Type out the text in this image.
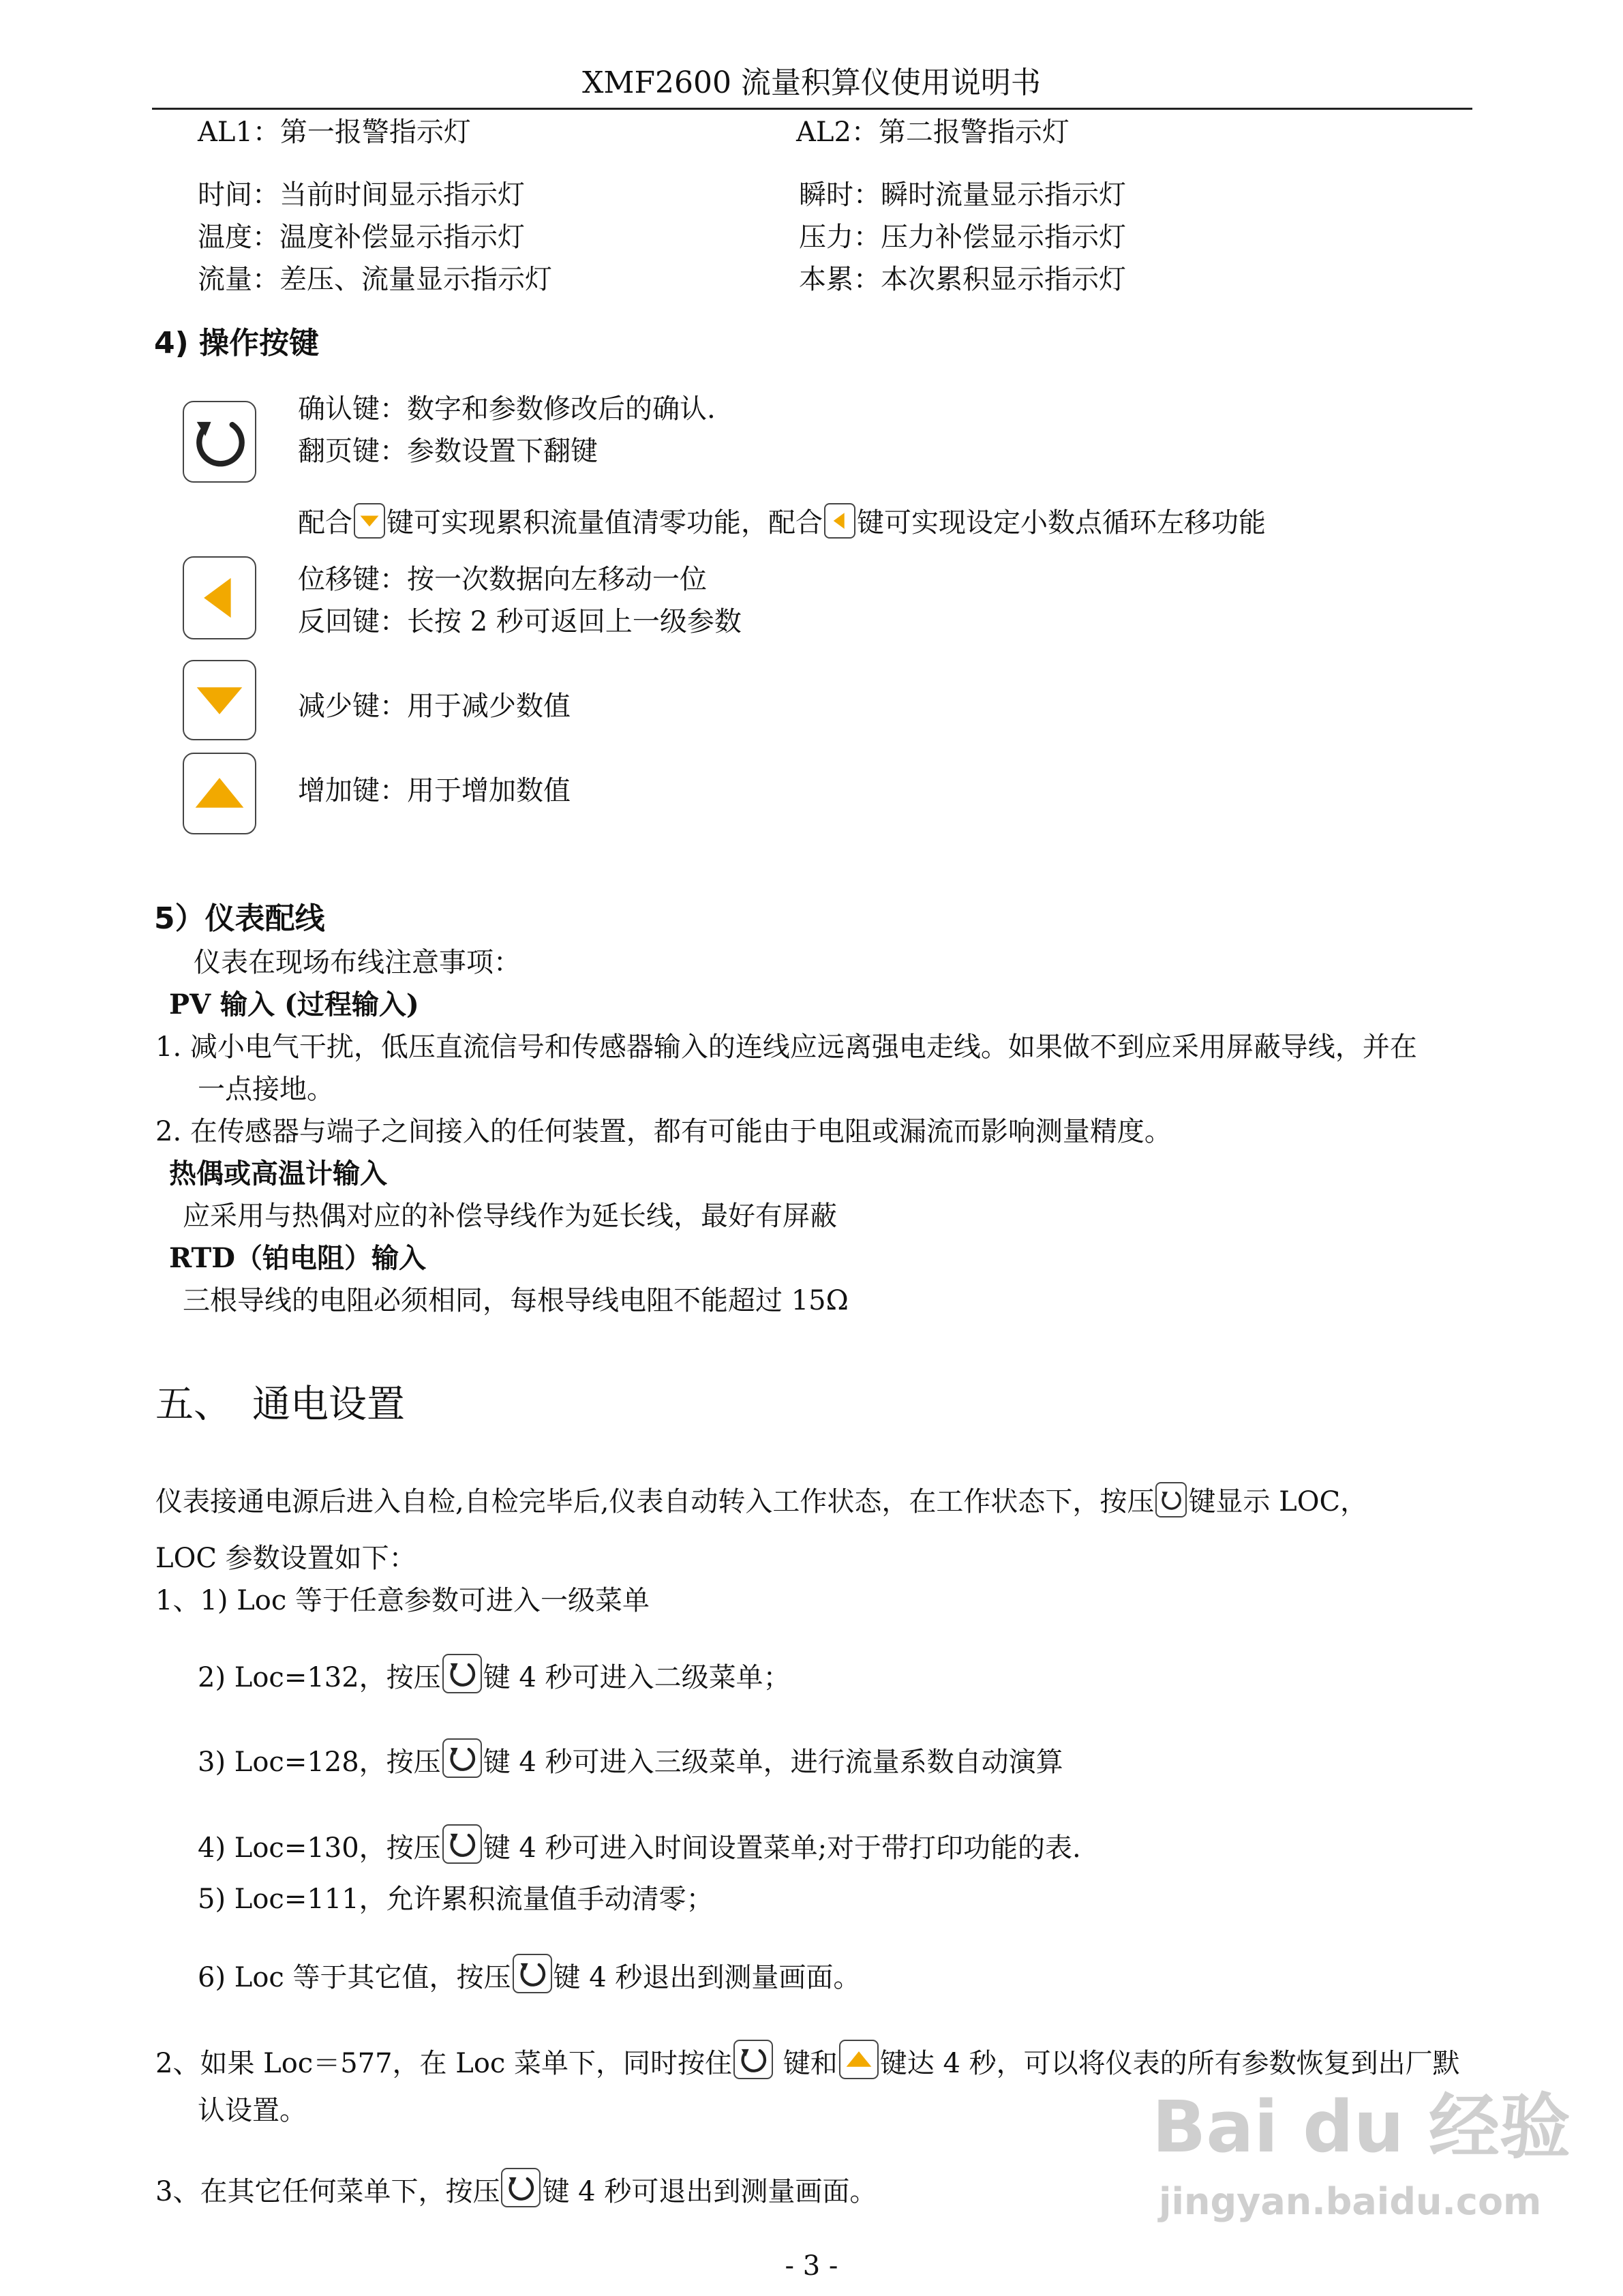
XMF2600 流量积算仪使用说明书
AL1：第一报警指示灯	AL2：第二报警指示灯
时间：当前时间显示指示灯	瞬时：瞬时流量显示指示灯
温度：温度补偿显示指示灯	压力：压力补偿显示指示灯
流量：差压、流量显示指示灯	本累：本次累积显示指示灯
4) 操作按键
确认键：数字和参数修改后的确认.
翻页键：参数设置下翻键
配合 键可实现累积流量值清零功能，配合 键可实现设定小数点循环左移功能
位移键：按一次数据向左移动一位
反回键：长按 2 秒可返回上一级参数
减少键：用于减少数值
增加键：用于增加数值
5）仪表配线
仪表在现场布线注意事项：
PV 输入 (过程输入)
1. 减小电气干扰，低压直流信号和传感器输入的连线应远离强电走线。如果做不到应采用屏蔽导线，并在
一点接地。
2. 在传感器与端子之间接入的任何装置，都有可能由于电阻或漏流而影响测量精度。
热偶或高温计输入
应采用与热偶对应的补偿导线作为延长线，最好有屏蔽
RTD（铂电阻）输入
三根导线的电阻必须相同，每根导线电阻不能超过 15Ω
五、 通电设置
仪表接通电源后进入自检,自检完毕后,仪表自动转入工作状态，在工作状态下，按压 键显示 LOC，
LOC 参数设置如下：
1、1) Loc 等于任意参数可进入一级菜单
2) Loc=132，按压 键 4 秒可进入二级菜单；
3) Loc=128，按压 键 4 秒可进入三级菜单，进行流量系数自动演算
4) Loc=130，按压 键 4 秒可进入时间设置菜单;对于带打印功能的表.
5) Loc=111，允许累积流量值手动清零；
6) Loc 等于其它值，按压 键 4 秒退出到测量画面。
2、如果 Loc＝577，在 Loc 菜单下，同时按住
键和 键达 4 秒，可以将仪表的所有参数恢复到出厂默
认设置。
3、在其它任何菜单下，按压 键 4 秒可退出到测量画面。
- 3 -
Bai du 经验
jingyan.baidu.com
